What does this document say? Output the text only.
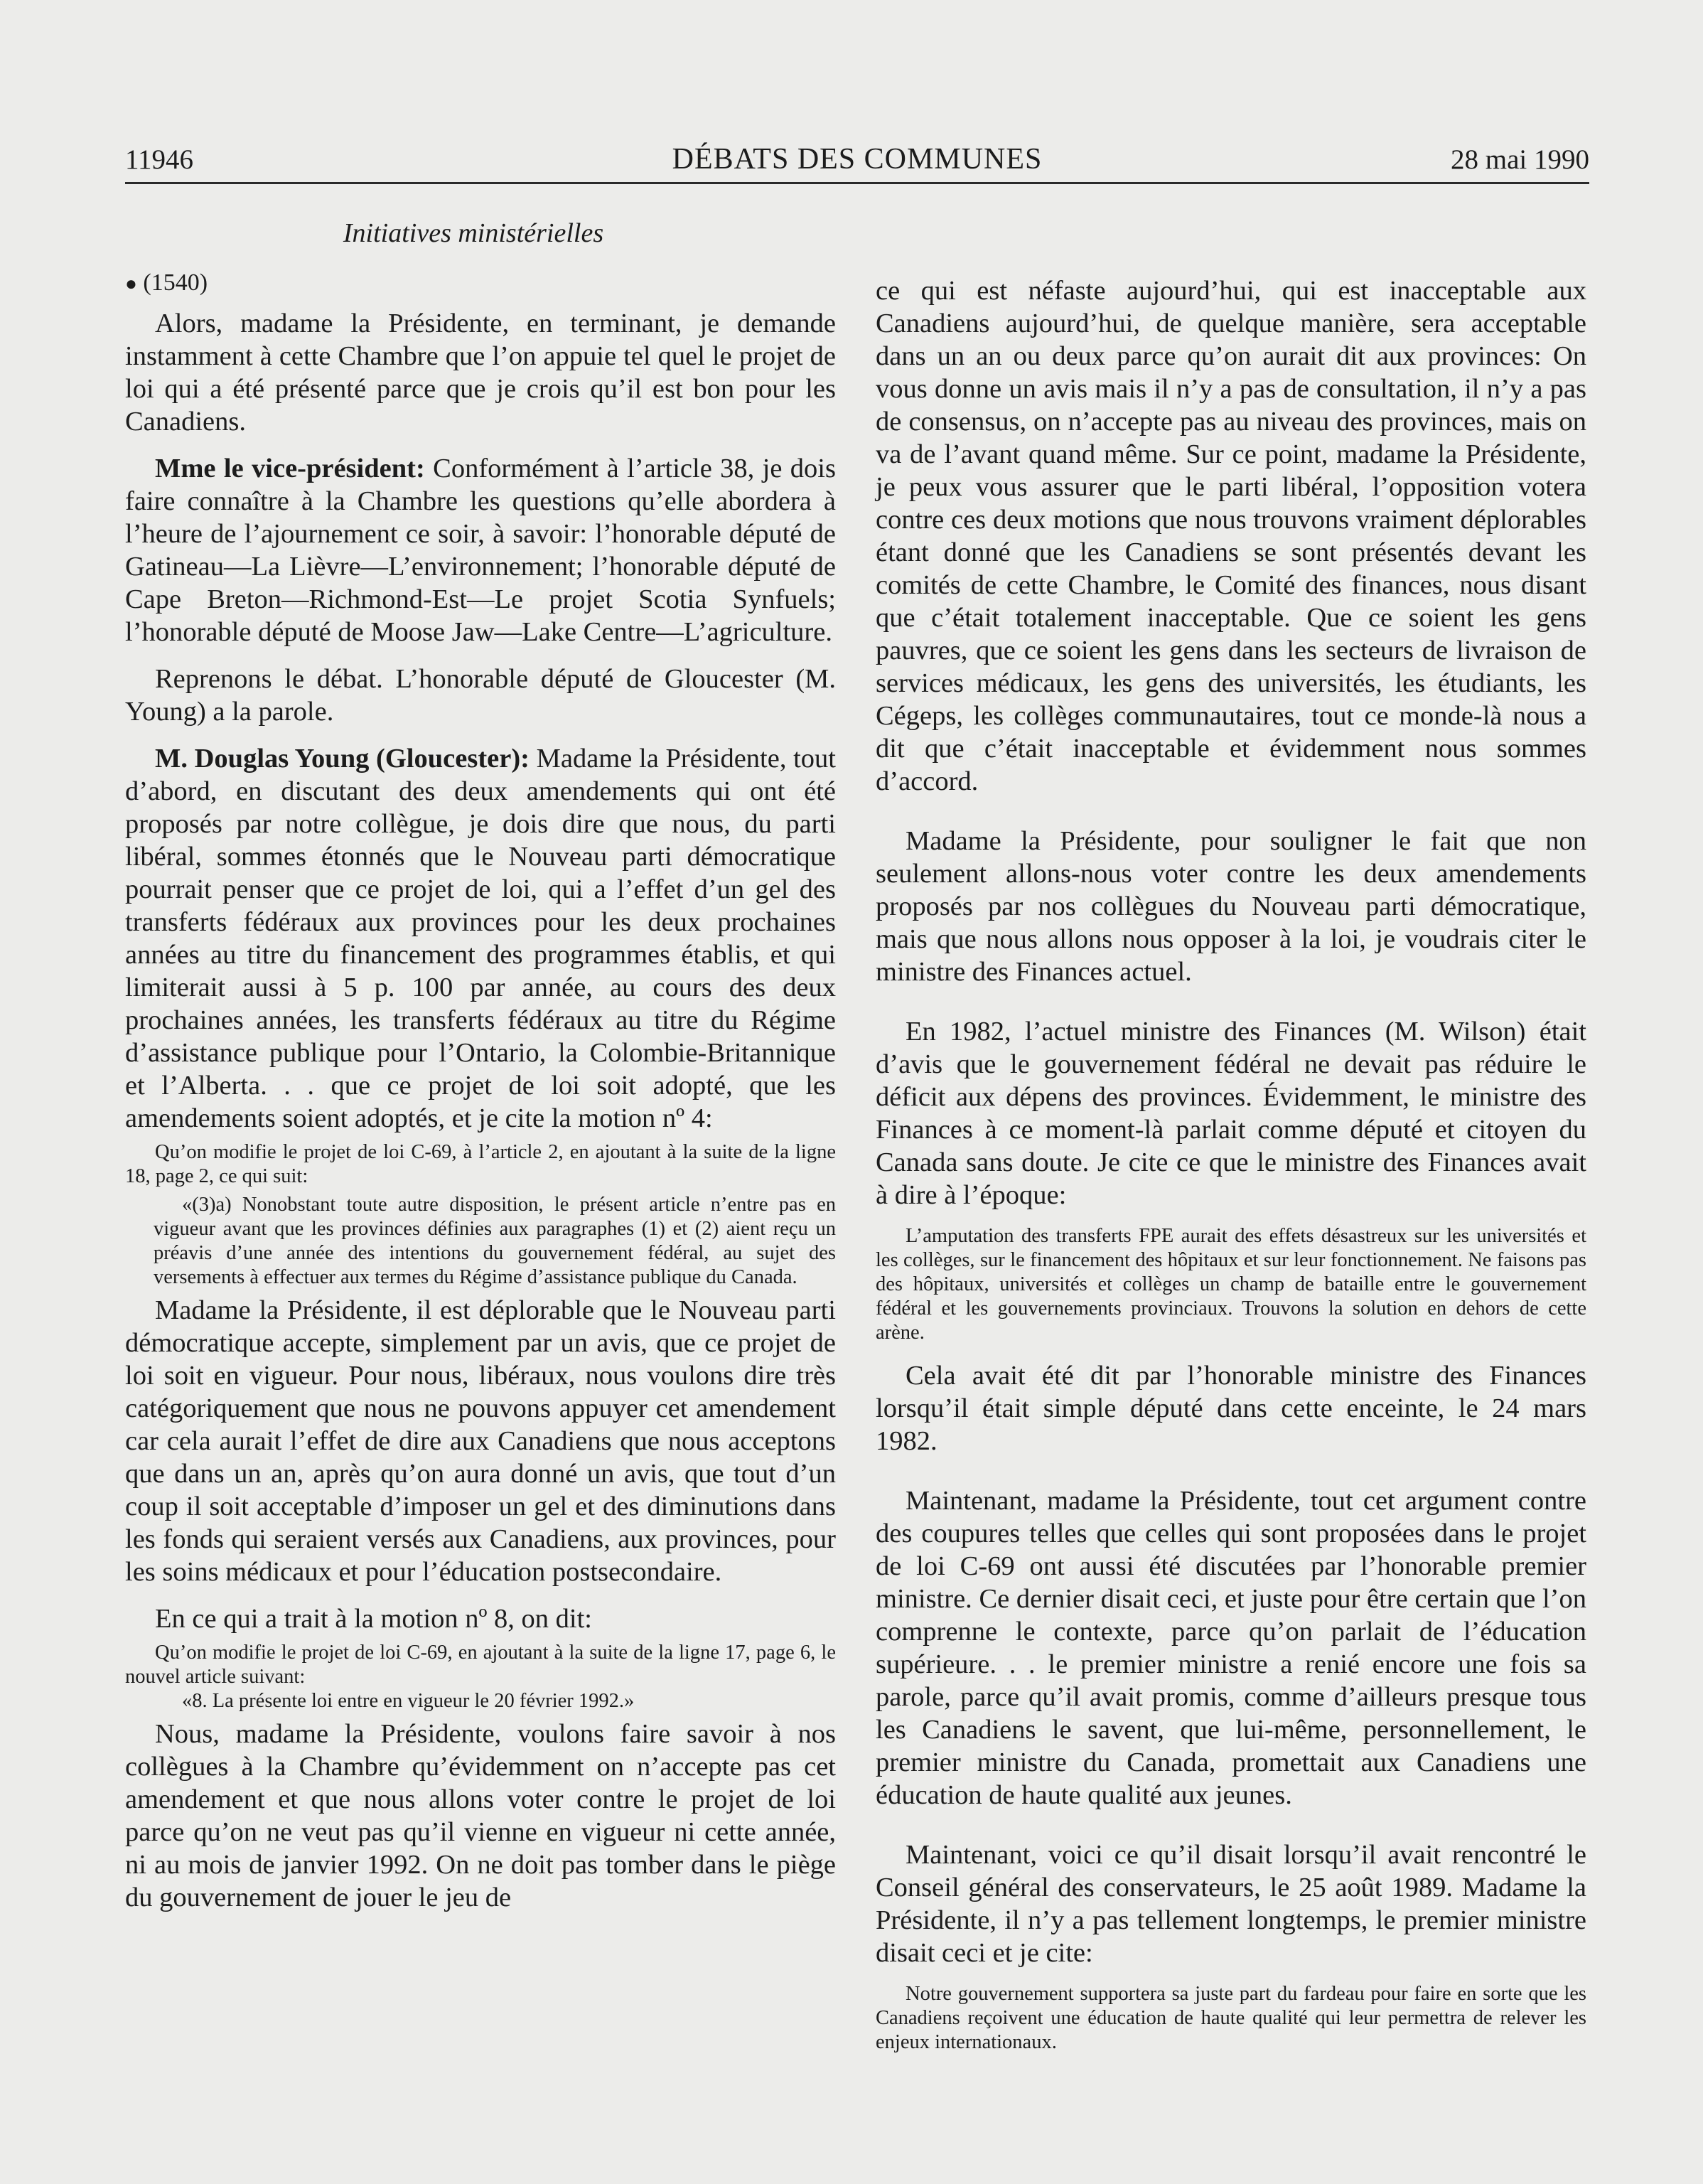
11946	DÉBATS DES COMMUNES	28 mai 1990
Initiatives ministérielles
● (1540)

Alors, madame la Présidente, en terminant, je demande instamment à cette Chambre que l’on appuie tel quel le projet de loi qui a été présenté parce que je crois qu’il est bon pour les Canadiens.

Mme le vice-président: Conformément à l’article 38, je dois faire connaître à la Chambre les questions qu’elle abordera à l’heure de l’ajournement ce soir, à savoir: l’honorable député de Gatineau—La Lièvre—L’environnement; l’honorable député de Cape Breton—Richmond-Est—Le projet Scotia Synfuels; l’honorable député de Moose Jaw—Lake Centre—L’agriculture.

Reprenons le débat. L’honorable député de Gloucester (M. Young) a la parole.

M. Douglas Young (Gloucester): Madame la Présidente, tout d’abord, en discutant des deux amendements qui ont été proposés par notre collègue, je dois dire que nous, du parti libéral, sommes étonnés que le Nouveau parti démocratique pourrait penser que ce projet de loi, qui a l’effet d’un gel des transferts fédéraux aux provinces pour les deux prochaines années au titre du financement des programmes établis, et qui limiterait aussi à 5 p. 100 par année, au cours des deux prochaines années, les transferts fédéraux au titre du Régime d’assistance publique pour l’Ontario, la Colombie-Britannique et l’Alberta. . . que ce projet de loi soit adopté, que les amendements soient adoptés, et je cite la motion nº 4:

Qu’on modifie le projet de loi C-69, à l’article 2, en ajoutant à la suite de la ligne 18, page 2, ce qui suit:

«(3)a) Nonobstant toute autre disposition, le présent article n’entre pas en vigueur avant que les provinces définies aux paragraphes (1) et (2) aient reçu un préavis d’une année des intentions du gouvernement fédéral, au sujet des versements à effectuer aux termes du Régime d’assistance publique du Canada.

Madame la Présidente, il est déplorable que le Nouveau parti démocratique accepte, simplement par un avis, que ce projet de loi soit en vigueur. Pour nous, libéraux, nous voulons dire très catégoriquement que nous ne pouvons appuyer cet amendement car cela aurait l’effet de dire aux Canadiens que nous acceptons que dans un an, après qu’on aura donné un avis, que tout d’un coup il soit acceptable d’imposer un gel et des diminutions dans les fonds qui seraient versés aux Canadiens, aux provinces, pour les soins médicaux et pour l’éducation postsecondaire.

En ce qui a trait à la motion nº 8, on dit:

Qu’on modifie le projet de loi C-69, en ajoutant à la suite de la ligne 17, page 6, le nouvel article suivant:

«8. La présente loi entre en vigueur le 20 février 1992.»

Nous, madame la Présidente, voulons faire savoir à nos collègues à la Chambre qu’évidemment on n’accepte pas cet amendement et que nous allons voter contre le projet de loi parce qu’on ne veut pas qu’il vienne en vigueur ni cette année, ni au mois de janvier 1992. On ne doit pas tomber dans le piège du gouvernement de jouer le jeu de

ce qui est néfaste aujourd’hui, qui est inacceptable aux Canadiens aujourd’hui, de quelque manière, sera acceptable dans un an ou deux parce qu’on aurait dit aux provinces: On vous donne un avis mais il n’y a pas de consultation, il n’y a pas de consensus, on n’accepte pas au niveau des provinces, mais on va de l’avant quand même. Sur ce point, madame la Présidente, je peux vous assurer que le parti libéral, l’opposition votera contre ces deux motions que nous trouvons vraiment déplorables étant donné que les Canadiens se sont présentés devant les comités de cette Chambre, le Comité des finances, nous disant que c’était totalement inacceptable. Que ce soient les gens pauvres, que ce soient les gens dans les secteurs de livraison de services médicaux, les gens des universités, les étudiants, les Cégeps, les collèges communautaires, tout ce monde-là nous a dit que c’était inacceptable et évidemment nous sommes d’accord.

Madame la Présidente, pour souligner le fait que non seulement allons-nous voter contre les deux amendements proposés par nos collègues du Nouveau parti démocratique, mais que nous allons nous opposer à la loi, je voudrais citer le ministre des Finances actuel.

En 1982, l’actuel ministre des Finances (M. Wilson) était d’avis que le gouvernement fédéral ne devait pas réduire le déficit aux dépens des provinces. Évidemment, le ministre des Finances à ce moment-là parlait comme député et citoyen du Canada sans doute. Je cite ce que le ministre des Finances avait à dire à l’époque:

L’amputation des transferts FPE aurait des effets désastreux sur les universités et les collèges, sur le financement des hôpitaux et sur leur fonctionnement. Ne faisons pas des hôpitaux, universités et collèges un champ de bataille entre le gouvernement fédéral et les gouvernements provinciaux. Trouvons la solution en dehors de cette arène.

Cela avait été dit par l’honorable ministre des Finances lorsqu’il était simple député dans cette enceinte, le 24 mars 1982.

Maintenant, madame la Présidente, tout cet argument contre des coupures telles que celles qui sont proposées dans le projet de loi C-69 ont aussi été discutées par l’honorable premier ministre. Ce dernier disait ceci, et juste pour être certain que l’on comprenne le contexte, parce qu’on parlait de l’éducation supérieure. . . le premier ministre a renié encore une fois sa parole, parce qu’il avait promis, comme d’ailleurs presque tous les Canadiens le savent, que lui-même, personnellement, le premier ministre du Canada, promettait aux Canadiens une éducation de haute qualité aux jeunes.

Maintenant, voici ce qu’il disait lorsqu’il avait rencontré le Conseil général des conservateurs, le 25 août 1989. Madame la Présidente, il n’y a pas tellement longtemps, le premier ministre disait ceci et je cite:

Notre gouvernement supportera sa juste part du fardeau pour faire en sorte que les Canadiens reçoivent une éducation de haute qualité qui leur permettra de relever les enjeux internationaux.
